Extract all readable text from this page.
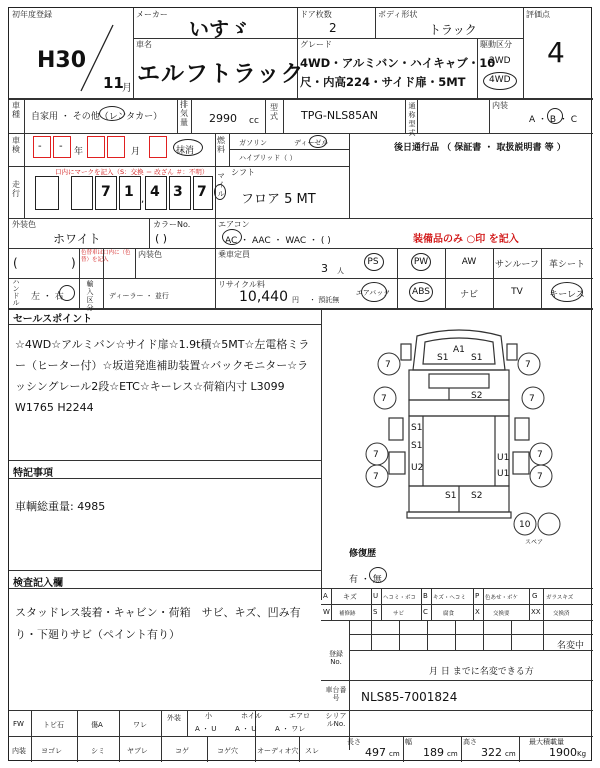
初年度登録
H30
11
月
メーカー
いすゞ
ドア枚数
2
ボディ形状
トラック
評価点
4
車名
エルフトラック
グレード
4WD・アルミバン・ハイキャブ・10
尺・内高224・サイド扉・5MT
駆動区分
2WD
4WD
車種 自家用 ・ その他（レンタカー）
排気量 2990 cc
型式 TPG-NLS85AN
通称型式
内装
A ・ B ・ C
車検 - - 年	月	抹消
燃料
ガソリン	ディーゼル
ハイブリッド（ ）
後日通行品 （ 保証書 ・ 取扱説明書 等 ）
走行
口内にマークを記入（S：交換 ＝ 改ざん ＃：不明）
7 1 , 4 3 7
マイル
シフト
フロア 5 MT
外装色
ホワイト
カラーNo.
( )
エアコン
AC ・ AAC ・ WAC ・ ( )	装備品のみ ○印 を記入
(	)
色替車は口内に（色替）を記入
内装色	乗車定員
3 人
ハンドル
左 ・ 右
輸入区分
ディーラー ・ 並行
リサイクル料
10,440 円 ・ 預託無
PS	PW	AW	サンルーフ	革シート
エアバック	ABS	ナビ	TV	キーレス
セールスポイント
☆4WD☆アルミバン☆サイド扉☆1.9t積☆5MT☆左電格ミラー（ヒーター付）☆坂道発進補助装置☆バックモニター☆ラッシングレール2段☆ETC☆キーレス☆荷箱内寸 L3099 W1765 H2244
特記事項
車輌総重量: 4985
検査記入欄
スタッドレス装着・キャビン・荷箱　サビ、キズ、凹み有り・下廻りサビ（ペイント有り）
A1
S1	S1
S2
S1
S1
U2
U1
U1
S1 S2
7	7
7	7
7
7
7
7
10
スペア
修復歴
有 ・ 無
A キズ U ヘコミ・ボコ B キズ・ヘコミ P 色あせ・ボケ G ガラスキズ
W 補修跡 S	サビ	C	腐食	X 交換要	XX 交換済
名変中
登録No.
月 日 までに名変できる方
車台番号	NLS85-7001824
シリアルNo.
FW	トビ石	傷A	ワレ
外装	小
A ・ U
ホイル
A ・ U
エアロ
A ・ ワレ
内装 ヨゴレ	シミ	ヤブレ	コゲ	コゲ穴	オーディオ穴 スレ
長さ
497 cm
幅
189 cm
高さ
322 cm
最大積載量
1900 Kg
